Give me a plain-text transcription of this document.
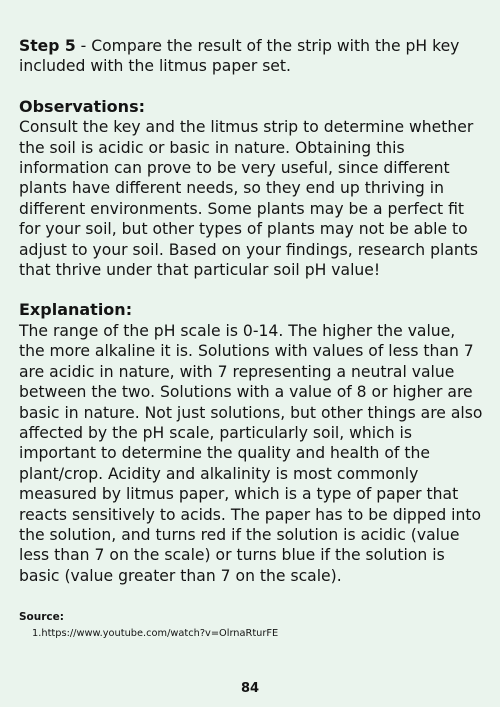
Step 5 - Compare the result of the strip with the pH key included with the litmus paper set.

Observations:

Consult the key and the litmus strip to determine whether the soil is acidic or basic in nature. Obtaining this information can prove to be very useful, since different plants have different needs, so they end up thriving in different environments. Some plants may be a perfect fit for your soil, but other types of plants may not be able to adjust to your soil. Based on your findings, research plants that thrive under that particular soil pH value!

Explanation:

The range of the pH scale is 0-14. The higher the value, the more alkaline it is. Solutions with values of less than 7 are acidic in nature, with 7 representing a neutral value between the two. Solutions with a value of 8 or higher are basic in nature. Not just solutions, but other things are also affected by the pH scale, particularly soil, which is important to determine the quality and health of the plant/crop. Acidity and alkalinity is most commonly measured by litmus paper, which is a type of paper that reacts sensitively to acids. The paper has to be dipped into the solution, and turns red if the solution is acidic (value less than 7 on the scale) or turns blue if the solution is basic (value greater than 7 on the scale).

Source:

1.https://www.youtube.com/watch?v=OlrnaRturFE
84
